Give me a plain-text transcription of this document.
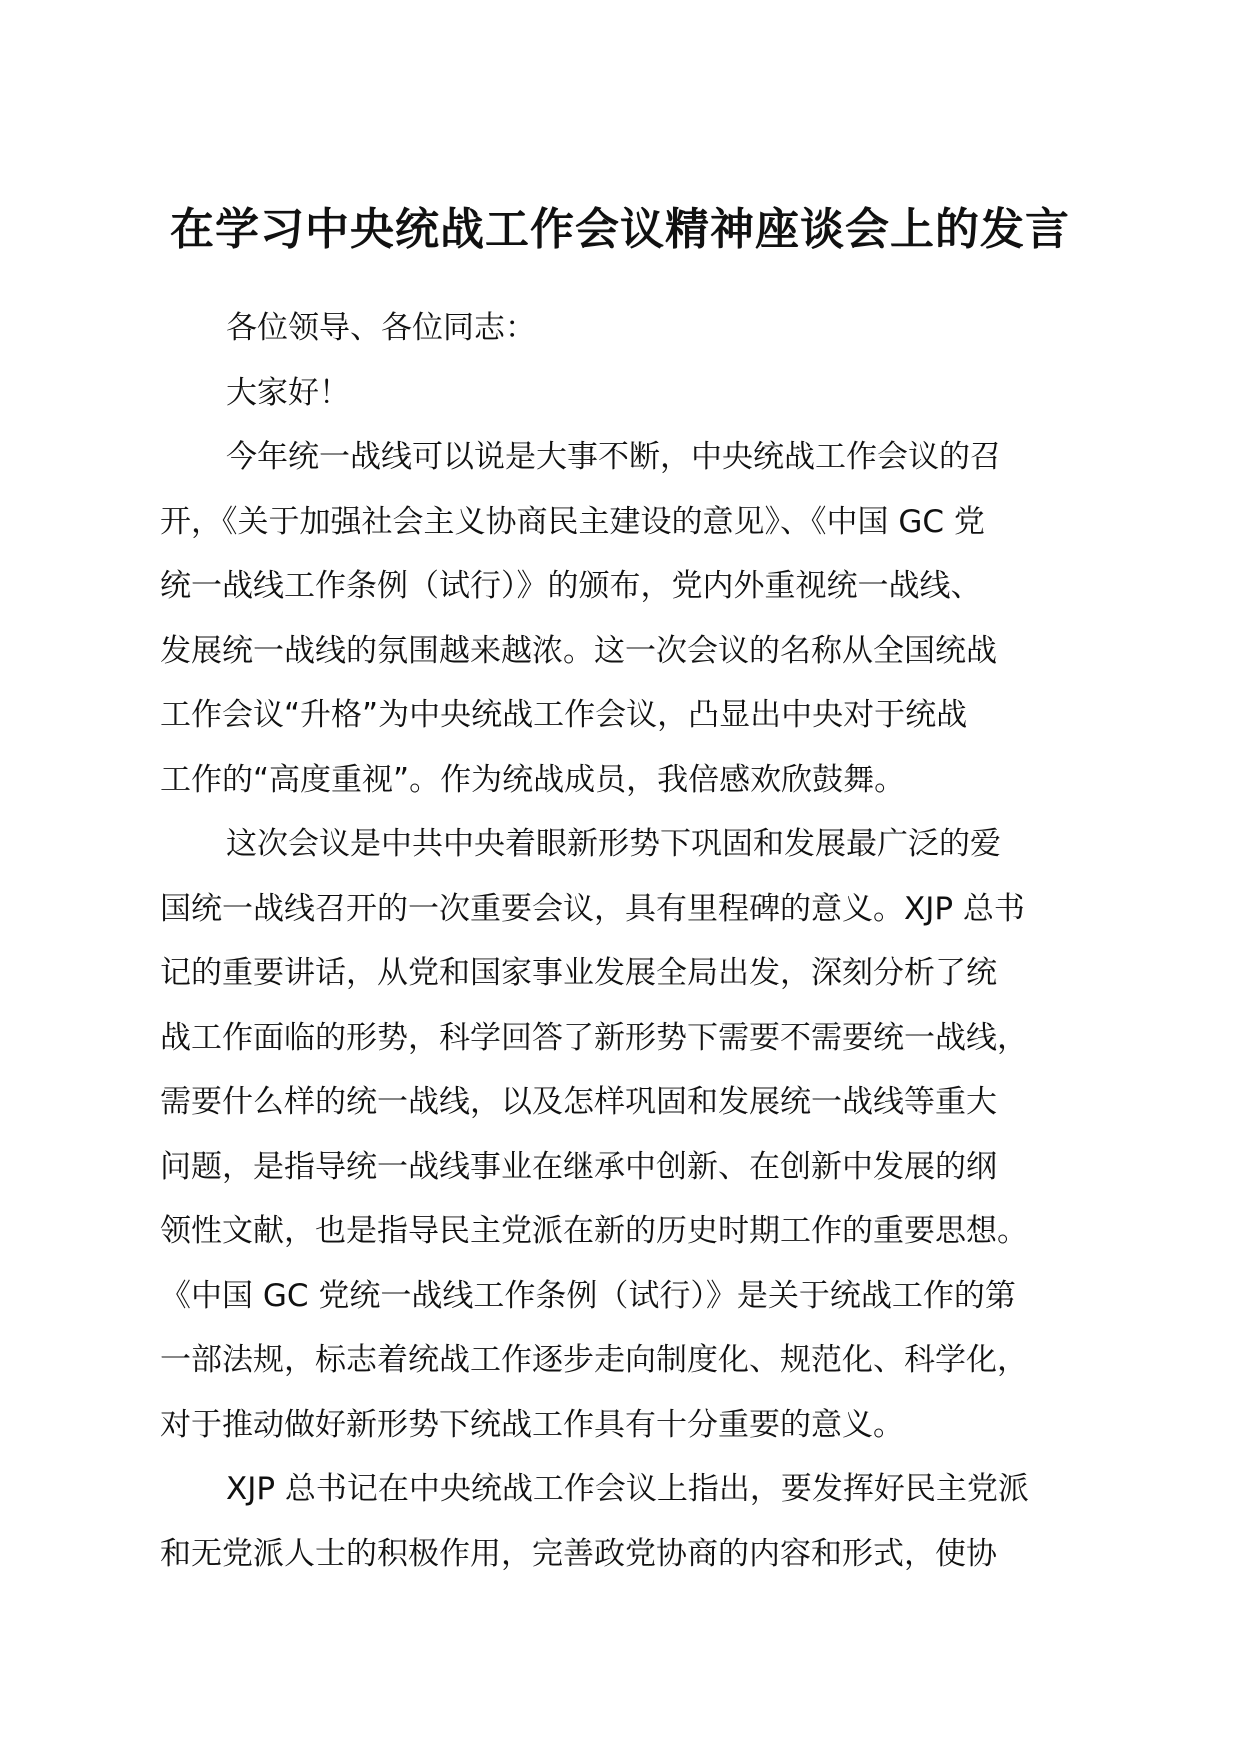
在学习中央统战工作会议精神座谈会上的发言

各位领导、各位同志：

大家好！

今年统一战线可以说是大事不断，中央统战工作会议的召
开，《关于加强社会主义协商民主建设的意见》、《中国 GC 党
统一战线工作条例（试行）》的颁布，党内外重视统一战线、
发展统一战线的氛围越来越浓。这一次会议的名称从全国统战
工作会议“升格”为中央统战工作会议，凸显出中央对于统战
工作的“高度重视”。作为统战成员，我倍感欢欣鼓舞。

这次会议是中共中央着眼新形势下巩固和发展最广泛的爱
国统一战线召开的一次重要会议，具有里程碑的意义。XJP 总书
记的重要讲话，从党和国家事业发展全局出发，深刻分析了统
战工作面临的形势，科学回答了新形势下需要不需要统一战线，
需要什么样的统一战线，以及怎样巩固和发展统一战线等重大
问题，是指导统一战线事业在继承中创新、在创新中发展的纲
领性文献，也是指导民主党派在新的历史时期工作的重要思想。
《中国 GC 党统一战线工作条例（试行）》是关于统战工作的第
一部法规，标志着统战工作逐步走向制度化、规范化、科学化，
对于推动做好新形势下统战工作具有十分重要的意义。

XJP 总书记在中央统战工作会议上指出，要发挥好民主党派
和无党派人士的积极作用，完善政党协商的内容和形式，使协
